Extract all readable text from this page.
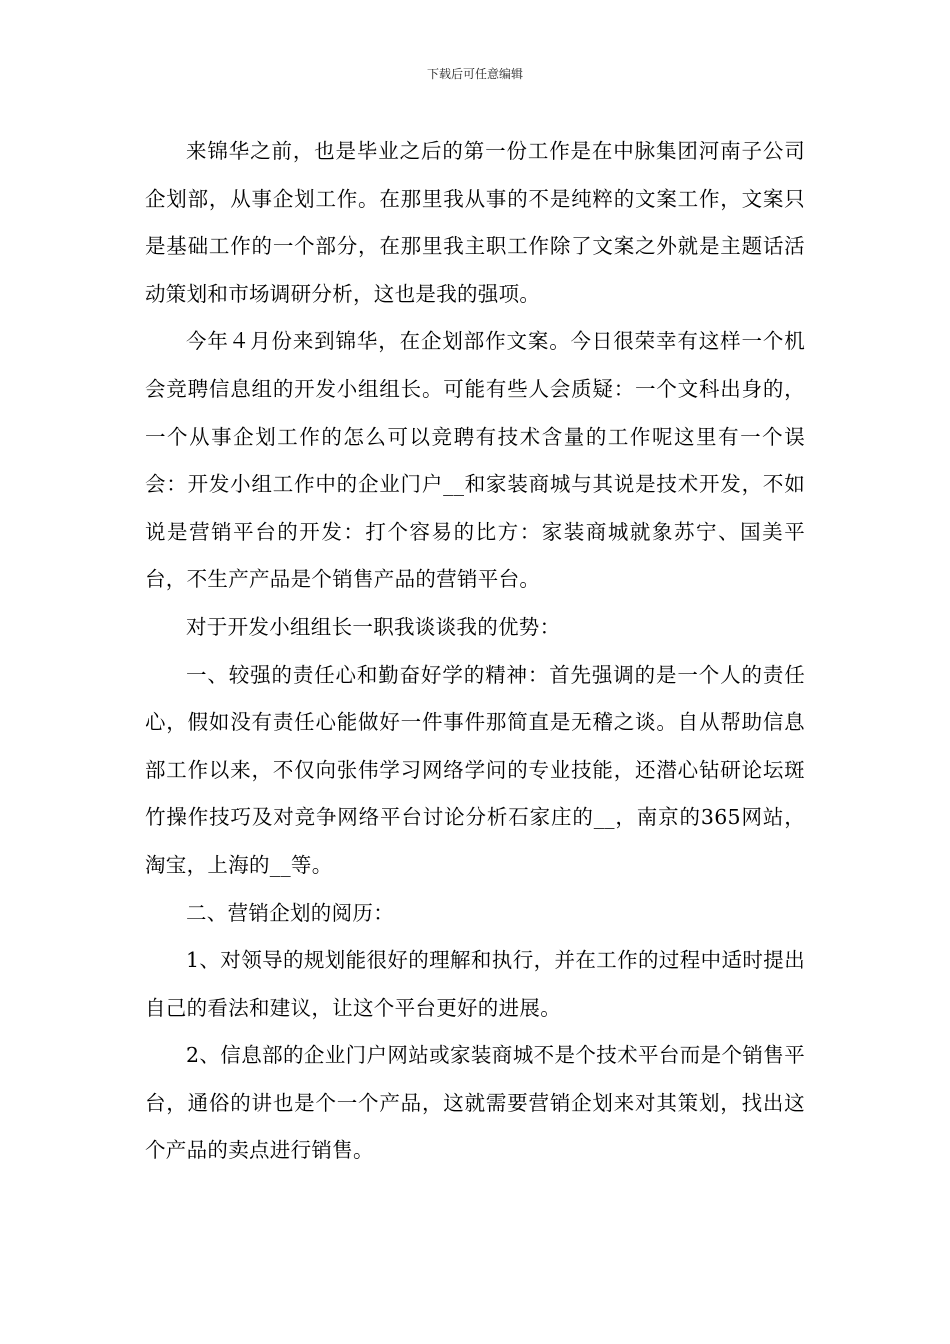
下载后可任意编辑

来锦华之前，也是毕业之后的第一份工作是在中脉集团河南子公司企划部，从事企划工作。在那里我从事的不是纯粹的文案工作，文案只是基础工作的一个部分，在那里我主职工作除了文案之外就是主题话活动策划和市场调研分析，这也是我的强项。

今年４月份来到锦华，在企划部作文案。今日很荣幸有这样一个机会竞聘信息组的开发小组组长。可能有些人会质疑：一个文科出身的，一个从事企划工作的怎么可以竞聘有技术含量的工作呢这里有一个误会：开发小组工作中的企业门户__和家装商城与其说是技术开发，不如说是营销平台的开发：打个容易的比方：家装商城就象苏宁、国美平台，不生产产品是个销售产品的营销平台。

对于开发小组组长一职我谈谈我的优势：

一、较强的责任心和勤奋好学的精神：首先强调的是一个人的责任心，假如没有责任心能做好一件事件那简直是无稽之谈。自从帮助信息部工作以来，不仅向张伟学习网络学问的专业技能，还潜心钻研论坛斑竹操作技巧及对竞争网络平台讨论分析石家庄的__，南京的365网站，淘宝，上海的__等。

二、营销企划的阅历：

1、对领导的规划能很好的理解和执行，并在工作的过程中适时提出自己的看法和建议，让这个平台更好的进展。

2、信息部的企业门户网站或家装商城不是个技术平台而是个销售平台，通俗的讲也是个一个产品，这就需要营销企划来对其策划，找出这个产品的卖点进行销售。
